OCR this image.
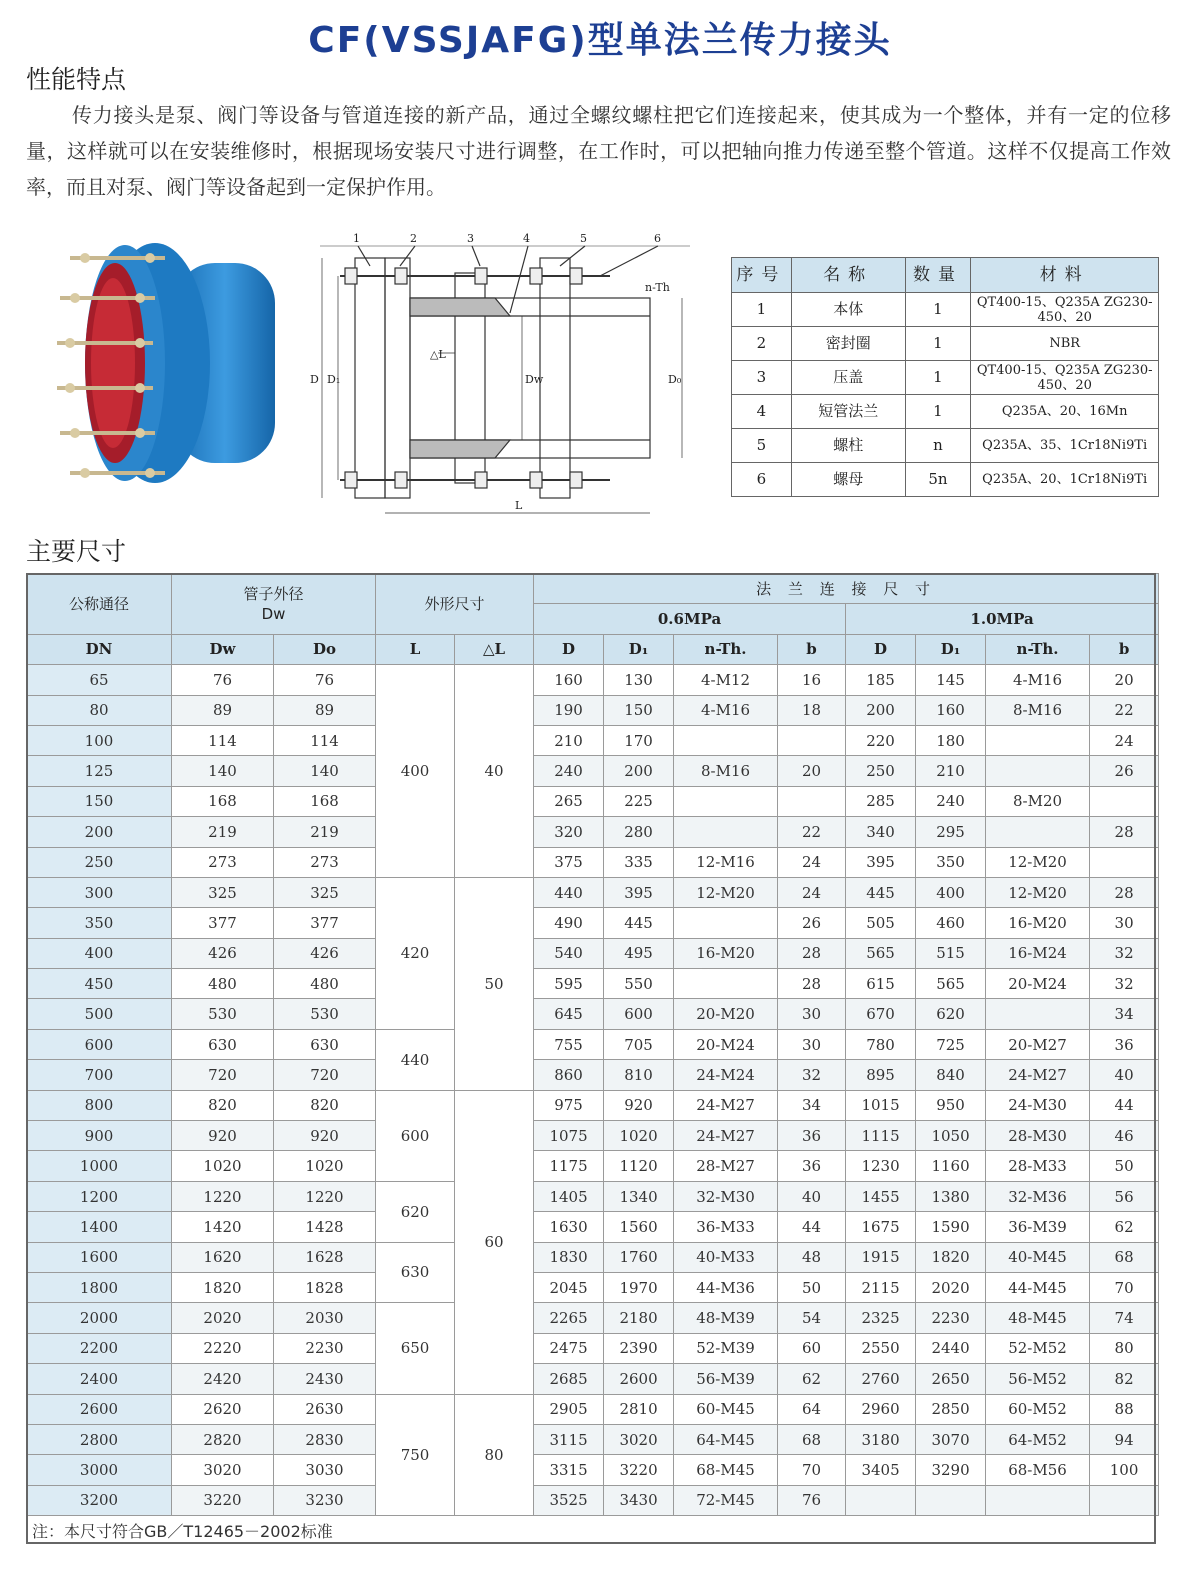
CF(VSSJAFG)型单法兰传力接头
性能特点
传力接头是泵、阀门等设备与管道连接的新产品，通过全螺纹螺柱把它们连接起来，使其成为一个整体，并有一定的位移量，这样就可以在安装维修时，根据现场安装尺寸进行调整，在工作时，可以把轴向推力传递至整个管道。这样不仅提高工作效率，而且对泵、阀门等设备起到一定保护作用。
1	2	3	4	5	6
n-Th
△L
D D₁	Dw	D₀
L
序号	名称	数量	材料
1	本体	1	QT400-15、Q235A ZG230-450、20
2	密封圈	1	NBR
3	压盖	1	QT400-15、Q235A ZG230-450、20
4	短管法兰	1	Q235A、20、16Mn
5	螺柱	n	Q235A、35、1Cr18Ni9Ti
6	螺母	5n	Q235A、20、1Cr18Ni9Ti
主要尺寸
公称通径	管子外径
Dw		外形尺寸		法 兰 连 接 尺 寸							
					0.6MPa				1.0MPa			
DN	Dw	Do	L	△L	D	D₁	n-Th.	b	D	D₁	n-Th.	b
65	76	76	400	40	160	130	4-M12	16	185	145	4-M16	20
80	89	89			190	150	4-M16	18	200	160	8-M16	22
100	114	114			210	170			220	180		24
125	140	140			240	200	8-M16	20	250	210		26
150	168	168			265	225			285	240	8-M20	
200	219	219			320	280		22	340	295		28
250	273	273			375	335	12-M16	24	395	350	12-M20	
300	325	325	420	50	440	395	12-M20	24	445	400	12-M20	28
350	377	377			490	445		26	505	460	16-M20	30
400	426	426			540	495	16-M20	28	565	515	16-M24	32
450	480	480			595	550		28	615	565	20-M24	32
500	530	530			645	600	20-M20	30	670	620		34
600	630	630	440		755	705	20-M24	30	780	725	20-M27	36
700	720	720			860	810	24-M24	32	895	840	24-M27	40
800	820	820	600	60	975	920	24-M27	34	1015	950	24-M30	44
900	920	920			1075	1020	24-M27	36	1115	1050	28-M30	46
1000	1020	1020			1175	1120	28-M27	36	1230	1160	28-M33	50
1200	1220	1220	620		1405	1340	32-M30	40	1455	1380	32-M36	56
1400	1420	1428			1630	1560	36-M33	44	1675	1590	36-M39	62
1600	1620	1628	630		1830	1760	40-M33	48	1915	1820	40-M45	68
1800	1820	1828			2045	1970	44-M36	50	2115	2020	44-M45	70
2000	2020	2030	650		2265	2180	48-M39	54	2325	2230	48-M45	74
2200	2220	2230			2475	2390	52-M39	60	2550	2440	52-M52	80
2400	2420	2430			2685	2600	56-M39	62	2760	2650	56-M52	82
2600	2620	2630	750	80	2905	2810	60-M45	64	2960	2850	60-M52	88
2800	2820	2830			3115	3020	64-M45	68	3180	3070	64-M52	94
3000	3020	3030			3315	3220	68-M45	70	3405	3290	68-M56	100
3200	3220	3230			3525	3430	72-M45	76				
注：本尺寸符合GB／T12465－2002标准
